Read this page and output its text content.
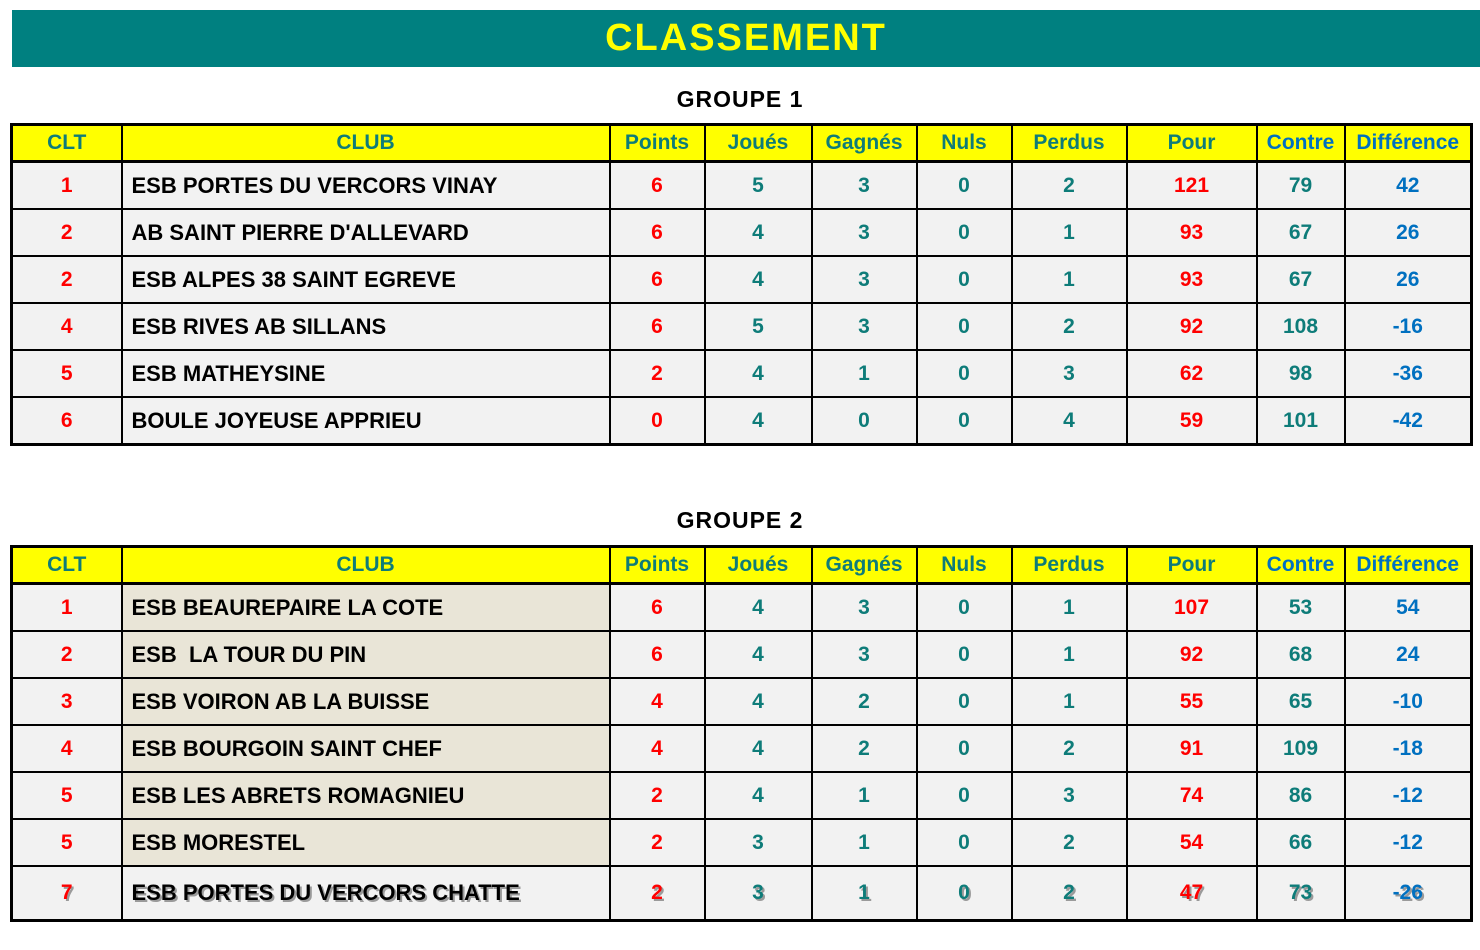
CLASSEMENT
GROUPE 1
CLT	CLUB	Points	Joués	Gagnés	Nuls	Perdus	Pour	Contre	Différence
1	ESB PORTES DU VERCORS VINAY	6	5	3	0	2	121	79	42
2	AB SAINT PIERRE D'ALLEVARD	6	4	3	0	1	93	67	26
2	ESB ALPES 38 SAINT EGREVE	6	4	3	0	1	93	67	26
4	ESB RIVES AB SILLANS	6	5	3	0	2	92	108	-16
5	ESB MATHEYSINE	2	4	1	0	3	62	98	-36
6	BOULE JOYEUSE APPRIEU	0	4	0	0	4	59	101	-42
GROUPE 2
CLT	CLUB	Points	Joués	Gagnés	Nuls	Perdus	Pour	Contre	Différence
1	ESB BEAUREPAIRE LA COTE	6	4	3	0	1	107	53	54
2	ESB  LA TOUR DU PIN	6	4	3	0	1	92	68	24
3	ESB VOIRON AB LA BUISSE	4	4	2	0	1	55	65	-10
4	ESB BOURGOIN SAINT CHEF	4	4	2	0	2	91	109	-18
5	ESB LES ABRETS ROMAGNIEU	2	4	1	0	3	74	86	-12
5	ESB MORESTEL	2	3	1	0	2	54	66	-12
7	ESB PORTES DU VERCORS CHATTE	2	3	1	0	2	47	73	-26
